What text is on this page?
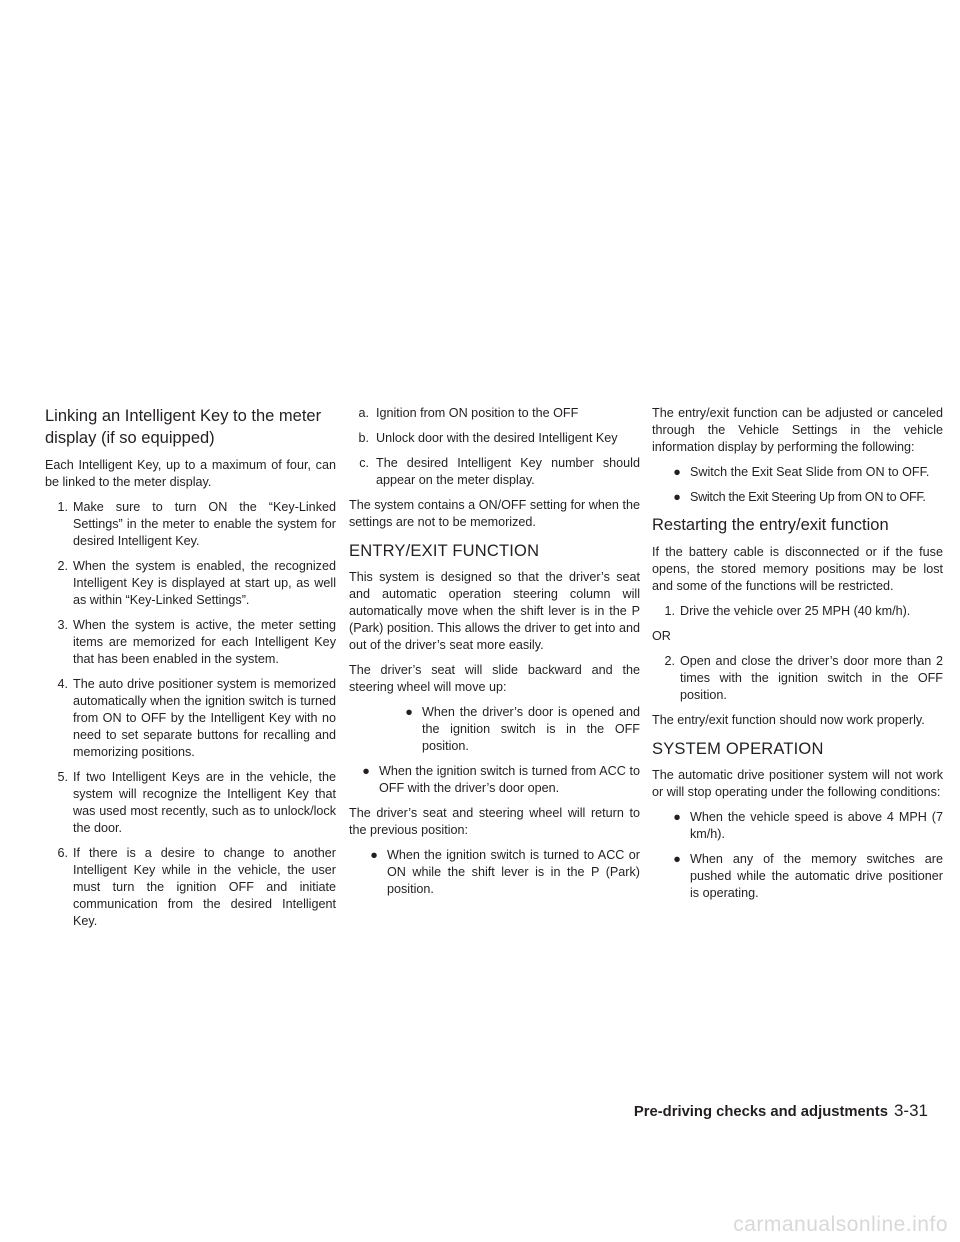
Linking an Intelligent Key to the meter display (if so equipped)

Each Intelligent Key, up to a maximum of four, can be linked to the meter display.

1. Make sure to turn ON the “Key-Linked Settings” in the meter to enable the system for desired Intelligent Key.
2. When the system is enabled, the recognized Intelligent Key is displayed at start up, as well as within “Key-Linked Settings”.
3. When the system is active, the meter setting items are memorized for each Intelligent Key that has been enabled in the system.
4. The auto drive positioner system is memorized automatically when the ignition switch is turned from ON to OFF by the Intelligent Key with no need to set separate buttons for recalling and memorizing positions.
5. If two Intelligent Keys are in the vehicle, the system will recognize the Intelligent Key that was used most recently, such as to unlock/lock the door.
6. If there is a desire to change to another Intelligent Key while in the vehicle, the user must turn the ignition OFF and initiate communication from the desired Intelligent Key.
a. Ignition from ON position to the OFF
b. Unlock door with the desired Intelligent Key
c. The desired Intelligent Key number should appear on the meter display.

The system contains a ON/OFF setting for when the settings are not to be memorized.

ENTRY/EXIT FUNCTION

This system is designed so that the driver’s seat and automatic operation steering column will automatically move when the shift lever is in the P (Park) position. This allows the driver to get into and out of the driver’s seat more easily.

The driver’s seat will slide backward and the steering wheel will move up:

● When the driver’s door is opened and the ignition switch is in the OFF position.
● When the ignition switch is turned from ACC to OFF with the driver’s door open.

The driver’s seat and steering wheel will return to the previous position:

● When the ignition switch is turned to ACC or ON while the shift lever is in the P (Park) position.

The entry/exit function can be adjusted or canceled through the Vehicle Settings in the vehicle information display by performing the following:

● Switch the Exit Seat Slide from ON to OFF.
● Switch the Exit Steering Up from ON to OFF.
Restarting the entry/exit function

If the battery cable is disconnected or if the fuse opens, the stored memory positions may be lost and some of the functions will be restricted.

1. Drive the vehicle over 25 MPH (40 km/h).

OR

2. Open and close the driver’s door more than 2 times with the ignition switch in the OFF position.

The entry/exit function should now work properly.

SYSTEM OPERATION

The automatic drive positioner system will not work or will stop operating under the following conditions:

● When the vehicle speed is above 4 MPH (7 km/h).
● When any of the memory switches are pushed while the automatic drive positioner is operating.
Pre-driving checks and adjustments 3-31
carmanualsonline.info
